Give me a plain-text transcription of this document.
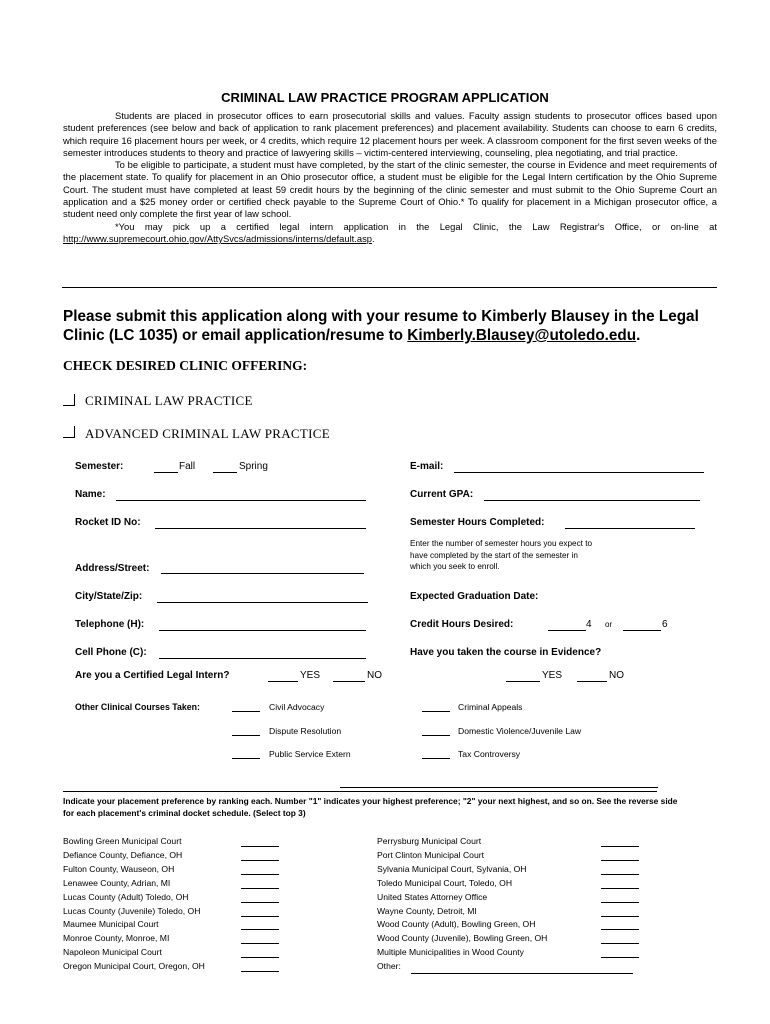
CRIMINAL LAW PRACTICE PROGRAM APPLICATION

Students are placed in prosecutor offices to earn prosecutorial skills and values. Faculty assign students to prosecutor offices based upon student preferences (see below and back of application to rank placement preferences) and placement availability. Students can choose to earn 6 credits, which require 16 placement hours per week, or 4 credits, which require 12 placement hours per week. A classroom component for the first seven weeks of the semester introduces students to theory and practice of lawyering skills – victim-centered interviewing, counseling, plea negotiating, and trial practice.

To be eligible to participate, a student must have completed, by the start of the clinic semester, the course in Evidence and meet requirements of the placement state. To qualify for placement in an Ohio prosecutor office, a student must be eligible for the Legal Intern certification by the Ohio Supreme Court. The student must have completed at least 59 credit hours by the beginning of the clinic semester and must submit to the Ohio Supreme Court an application and a $25 money order or certified check payable to the Supreme Court of Ohio.* To qualify for placement in a Michigan prosecutor office, a student need only complete the first year of law school.

*You may pick up a certified legal intern application in the Legal Clinic, the Law Registrar's Office, or on-line at http://www.supremecourt.ohio.gov/AttySvcs/admissions/interns/default.asp.

Please submit this application along with your resume to Kimberly Blausey in the Legal
Clinic (LC 1035) or email application/resume to Kimberly.Blausey@utoledo.edu.
CHECK DESIRED CLINIC OFFERING:
CRIMINAL LAW PRACTICE
ADVANCED CRIMINAL LAW PRACTICE
Semester:	Fall	Spring
Name:
Rocket ID No:
Address/Street:
City/State/Zip:
Telephone (H):
Cell Phone (C):
Are you a Certified Legal Intern?	YES	NO
E-mail:
Current GPA:
Semester Hours Completed:
Enter the number of semester hours you expect to have completed by the start of the semester in which you seek to enroll.
Expected Graduation Date:
Credit Hours Desired:	4 or	6
Have you taken the course in Evidence?
YES	NO
Other Clinical Courses Taken:	Civil Advocacy
Dispute Resolution
Public Service Extern
Criminal Appeals
Domestic Violence/Juvenile Law
Tax Controversy
Indicate your placement preference by ranking each. Number "1" indicates your highest preference; "2" your next highest, and so on. See the reverse side for each placement's criminal docket schedule. (Select top 3)
Bowling Green Municipal Court
Defiance County, Defiance, OH
Fulton County, Wauseon, OH
Lenawee County, Adrian, MI
Lucas County (Adult) Toledo, OH
Lucas County (Juvenile) Toledo, OH
Maumee Municipal Court
Monroe County, Monroe, MI
Napoleon Municipal Court
Oregon Municipal Court, Oregon, OH
Perrysburg Municipal Court
Port Clinton Municipal Court
Sylvania Municipal Court, Sylvania, OH
Toledo Municipal Court, Toledo, OH
United States Attorney Office
Wayne County, Detroit, MI
Wood County (Adult), Bowling Green, OH
Wood County (Juvenile), Bowling Green, OH
Multiple Municipalities in Wood County
Other:
